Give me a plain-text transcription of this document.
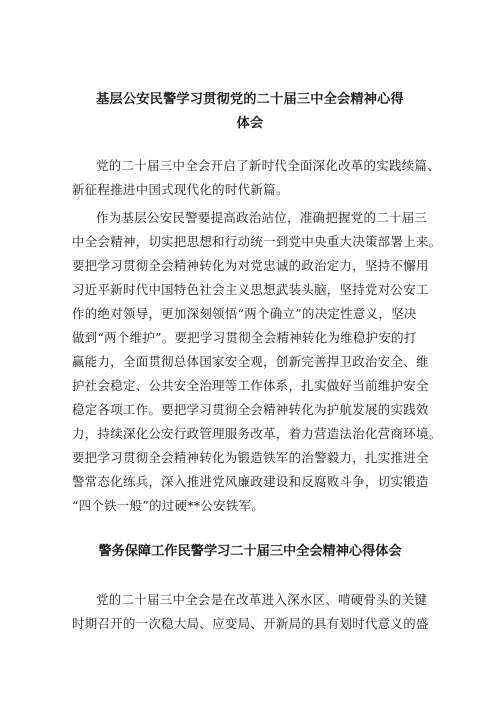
基层公安民警学习贯彻党的二十届三中全会精神心得
体会
党的二十届三中全会开启了新时代全面深化改革的实践续篇、
新征程推进中国式现代化的时代新篇。
作为基层公安民警要提高政治站位，准确把握党的二十届三
中全会精神，切实把思想和行动统一到党中央重大决策部署上来。
要把学习贯彻全会精神转化为对党忠诚的政治定力，坚持不懈用
习近平新时代中国特色社会主义思想武装头脑，坚持党对公安工
作的绝对领导，更加深刻领悟“两个确立”的决定性意义，坚决
做到“两个维护”。要把学习贯彻全会精神转化为维稳护安的打
赢能力，全面贯彻总体国家安全观，创新完善捍卫政治安全、维
护社会稳定、公共安全治理等工作体系，扎实做好当前维护安全
稳定各项工作。要把学习贯彻全会精神转化为护航发展的实践效
力，持续深化公安行政管理服务改革，着力营造法治化营商环境。
要把学习贯彻全会精神转化为锻造铁军的治警毅力，扎实推进全
警常态化练兵，深入推进党风廉政建设和反腐败斗争，切实锻造
“四个铁一般”的过硬**公安铁军。
警务保障工作民警学习二十届三中全会精神心得体会
党的二十届三中全会是在改革进入深水区、啃硬骨头的关键
时期召开的一次稳大局、应变局、开新局的具有划时代意义的盛
